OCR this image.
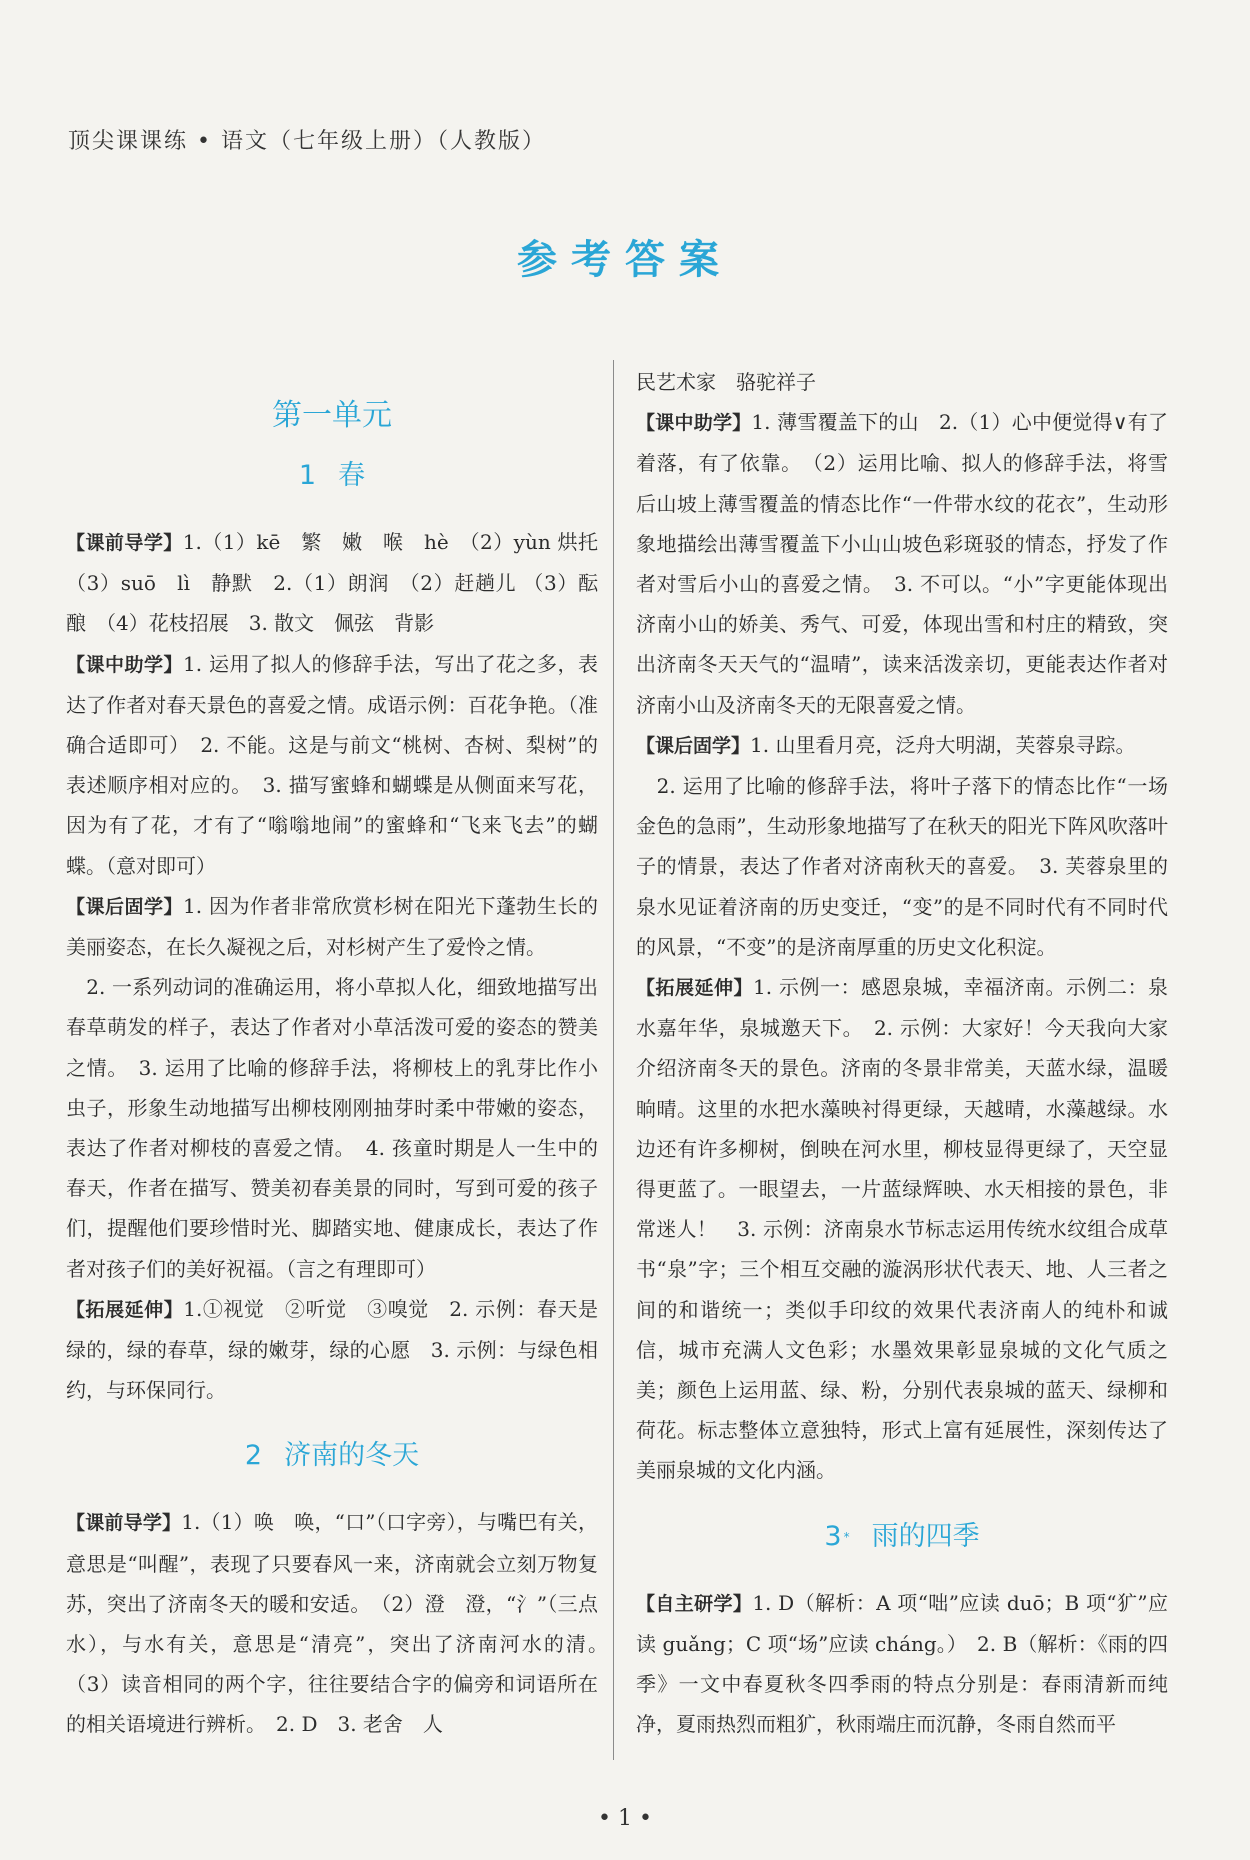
顶尖课课练 • 语文（七年级上册）（人教版）
参考答案
第一单元
1 春

【课前导学】1.（1）kē　繁　嫩　喉　hè　（2）yùn 烘托　（3）suō　lì　静默　2.（1）朗润　（2）赶趟儿 （3）酝酿　（4）花枝招展　3. 散文　佩弦　背影

【课中助学】1. 运用了拟人的修辞手法，写出了花之多，表达了作者对春天景色的喜爱之情。成语示例：百花争艳。（准确合适即可）　2. 不能。这是与前文“桃树、杏树、梨树”的表述顺序相对应的。　3. 描写蜜蜂和蝴蝶是从侧面来写花，因为有了花，才有了“嗡嗡地闹”的蜜蜂和“飞来飞去”的蝴蝶。（意对即可）

【课后固学】1. 因为作者非常欣赏杉树在阳光下蓬勃生长的美丽姿态，在长久凝视之后，对杉树产生了爱怜之情。

　2. 一系列动词的准确运用，将小草拟人化，细致地描写出春草萌发的样子，表达了作者对小草活泼可爱的姿态的赞美之情。　3. 运用了比喻的修辞手法，将柳枝上的乳芽比作小虫子，形象生动地描写出柳枝刚刚抽芽时柔中带嫩的姿态，表达了作者对柳枝的喜爱之情。　4. 孩童时期是人一生中的春天，作者在描写、赞美初春美景的同时，写到可爱的孩子们，提醒他们要珍惜时光、脚踏实地、健康成长，表达了作者对孩子们的美好祝福。（言之有理即可）

【拓展延伸】1.①视觉　②听觉　③嗅觉　2. 示例：春天是绿的，绿的春草，绿的嫩芽，绿的心愿　3. 示例：与绿色相约，与环保同行。

2 济南的冬天

【课前导学】1.（1）唤　唤，“口”（口字旁），与嘴巴有关，意思是“叫醒”，表现了只要春风一来，济南就会立刻万物复苏，突出了济南冬天的暖和安适。　（2）澄　澄，“氵”（三点水），与水有关，意思是“清亮”，突出了济南河水的清。　（3）读音相同的两个字，往往要结合字的偏旁和词语所在的相关语境进行辨析。　2. D　3. 老舍　人

民艺术家　骆驼祥子

【课中助学】1. 薄雪覆盖下的山　2.（1）心中便觉得∨有了着落，有了依靠。　（2）运用比喻、拟人的修辞手法，将雪后山坡上薄雪覆盖的情态比作“一件带水纹的花衣”，生动形象地描绘出薄雪覆盖下小山山坡色彩斑驳的情态，抒发了作者对雪后小山的喜爱之情。　3. 不可以。“小”字更能体现出济南小山的娇美、秀气、可爱，体现出雪和村庄的精致，突出济南冬天天气的“温晴”，读来活泼亲切，更能表达作者对济南小山及济南冬天的无限喜爱之情。

【课后固学】1. 山里看月亮，泛舟大明湖，芙蓉泉寻踪。

　2. 运用了比喻的修辞手法，将叶子落下的情态比作“一场金色的急雨”，生动形象地描写了在秋天的阳光下阵风吹落叶子的情景，表达了作者对济南秋天的喜爱。　3. 芙蓉泉里的泉水见证着济南的历史变迁，“变”的是不同时代有不同时代的风景，“不变”的是济南厚重的历史文化积淀。

【拓展延伸】1. 示例一：感恩泉城，幸福济南。示例二：泉水嘉年华，泉城邀天下。　2. 示例：大家好！今天我向大家介绍济南冬天的景色。济南的冬景非常美，天蓝水绿，温暖晌晴。这里的水把水藻映衬得更绿，天越晴，水藻越绿。水边还有许多柳树，倒映在河水里，柳枝显得更绿了，天空显得更蓝了。一眼望去，一片蓝绿辉映、水天相接的景色，非常迷人！　3. 示例：济南泉水节标志运用传统水纹组合成草书“泉”字；三个相互交融的漩涡形状代表天、地、人三者之间的和谐统一；类似手印纹的效果代表济南人的纯朴和诚信，城市充满人文色彩；水墨效果彰显泉城的文化气质之美；颜色上运用蓝、绿、粉，分别代表泉城的蓝天、绿柳和荷花。标志整体立意独特，形式上富有延展性，深刻传达了美丽泉城的文化内涵。

3 * 雨的四季

【自主研学】1. D（解析：A 项“咄”应读 duō；B 项“犷”应读 guǎng；C 项“场”应读 cháng。）　2. B（解析：《雨的四季》一文中春夏秋冬四季雨的特点分别是：春雨清新而纯净，夏雨热烈而粗犷，秋雨端庄而沉静，冬雨自然而平

• 1 •
